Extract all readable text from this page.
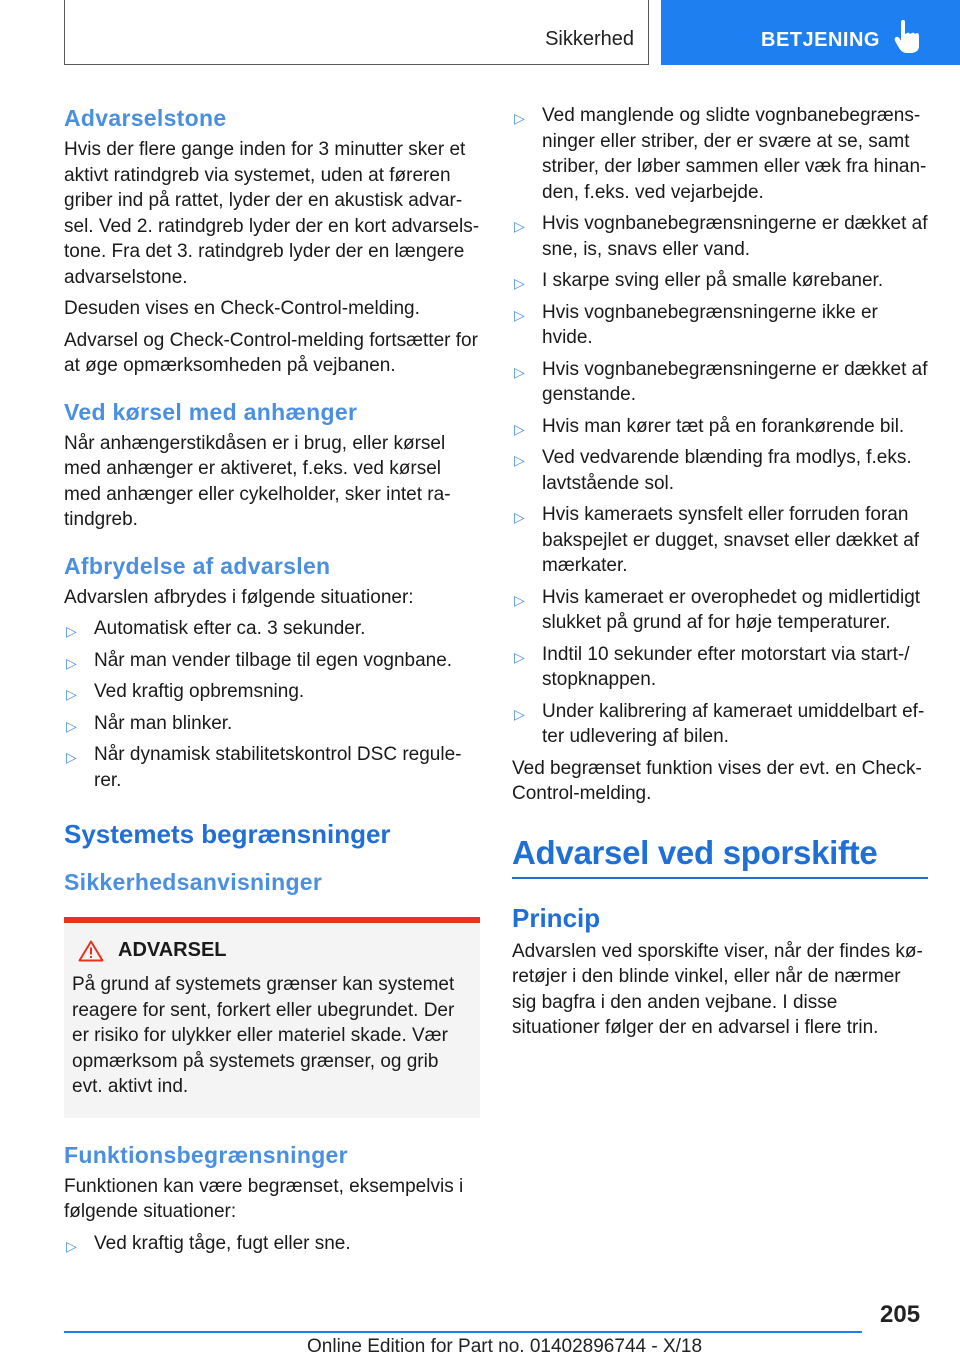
Sikkerhed	BETJENING
Advarselstone
Hvis der flere gange inden for 3 minutter sker et aktivt ratindgreb via systemet, uden at føreren griber ind på rattet, lyder der en akustisk advarsel. Ved 2. ratindgreb lyder der en kort advarselstone. Fra det 3. ratindgreb lyder der en længere advarselstone.
Desuden vises en Check-Control-melding.
Advarsel og Check-Control-melding fortsætter for at øge opmærksomheden på vejbanen.
Ved kørsel med anhænger
Når anhængerstikdåsen er i brug, eller kørsel med anhænger er aktiveret, f.eks. ved kørsel med anhænger eller cykelholder, sker intet ratindgreb.
Afbrydelse af advarslen
Advarslen afbrydes i følgende situationer:
▷ Automatisk efter ca. 3 sekunder.
▷ Når man vender tilbage til egen vognbane.
▷ Ved kraftig opbremsning.
▷ Når man blinker.
▷ Når dynamisk stabilitetskontrol DSC regulerer.
Systemets begrænsninger
Sikkerhedsanvisninger
ADVARSEL
På grund af systemets grænser kan systemet reagere for sent, forkert eller ubegrundet. Der er risiko for ulykker eller materiel skade. Vær opmærksom på systemets grænser, og grib evt. aktivt ind.
Funktionsbegrænsninger
Funktionen kan være begrænset, eksempelvis i følgende situationer:
▷ Ved kraftig tåge, fugt eller sne.
▷ Ved manglende og slidte vognbanebegrænsninger eller striber, der er svære at se, samt striber, der løber sammen eller væk fra hinanden, f.eks. ved vejarbejde.
▷ Hvis vognbanebegrænsningerne er dækket af sne, is, snavs eller vand.
▷ I skarpe sving eller på smalle kørebaner.
▷ Hvis vognbanebegrænsningerne ikke er hvide.
▷ Hvis vognbanebegrænsningerne er dækket af genstande.
▷ Hvis man kører tæt på en forankørende bil.
▷ Ved vedvarende blænding fra modlys, f.eks. lavtstående sol.
▷ Hvis kameraets synsfelt eller forruden foran bakspejlet er dugget, snavset eller dækket af mærkater.
▷ Hvis kameraet er overophedet og midlertidigt slukket på grund af for høje temperaturer.
▷ Indtil 10 sekunder efter motorstart via start-/ stopknappen.
▷ Under kalibrering af kameraet umiddelbart efter udlevering af bilen.
Ved begrænset funktion vises der evt. en Check-Control-melding.
Advarsel ved sporskifte
Princip
Advarslen ved sporskifte viser, når der findes køretøjer i den blinde vinkel, eller når de nærmer sig bagfra i den anden vejbane. I disse situationer følger der en advarsel i flere trin.
205
Online Edition for Part no. 01402896744 - X/18
